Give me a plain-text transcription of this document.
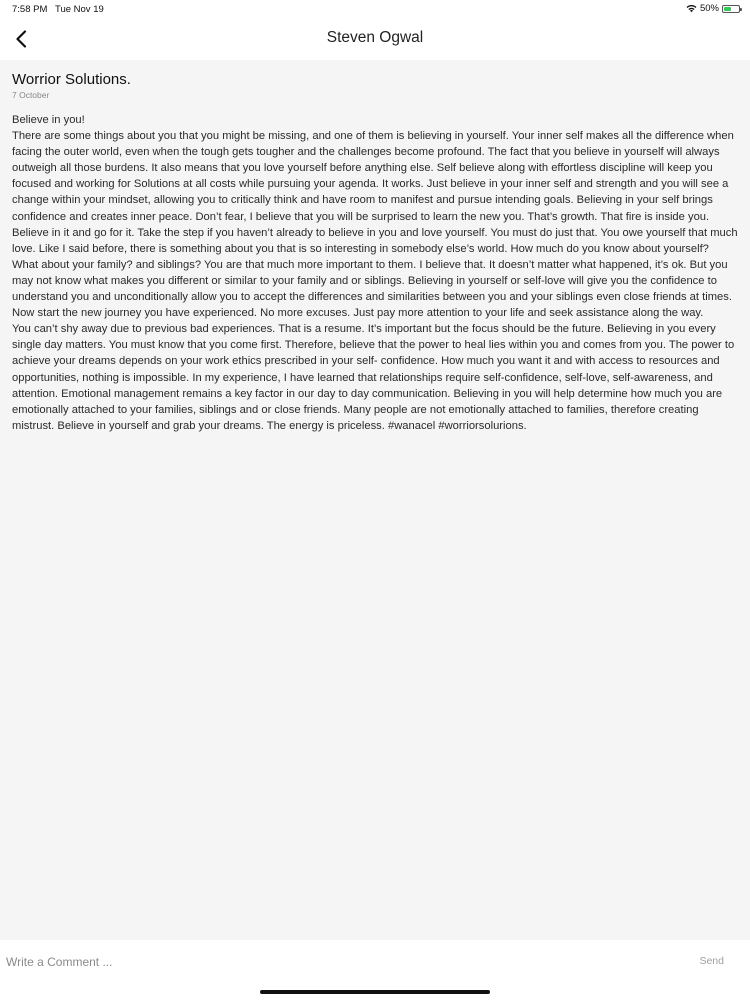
7:58 PM Tue Nov 19	50%
Steven Ogwal
Worrior Solutions.
7 October

Believe in you!

There are some things about you that you might be missing, and one of them is believing in yourself. Your inner self makes all the difference when facing the outer world, even when the tough gets tougher and the challenges become profound. The fact that you believe in yourself will always outweigh all those burdens. It also means that you love yourself before anything else. Self believe along with effortless discipline will keep you focused and working for Solutions at all costs while pursuing your agenda. It works. Just believe in your inner self and strength and you will see a change within your mindset, allowing you to critically think and have room to manifest and pursue intending goals. Believing in your self brings confidence and creates inner peace. Don’t fear, I believe that you will be surprised to learn the new you. That’s growth. That fire is inside you. Believe in it and go for it. Take the step if you haven’t already to believe in you and love yourself. You must do just that. You owe yourself that much love. Like I said before, there is something about you that is so interesting in somebody else’s world. How much do you know about yourself? What about your family? and siblings? You are that much more important to them. I believe that. It doesn’t matter what happened, it’s ok. But you may not know what makes you different or similar to your family and or siblings. Believing in yourself or self-love will give you the confidence to understand you and unconditionally allow you to accept the differences and similarities between you and your siblings even close friends at times. Now start the new journey you have experienced. No more excuses. Just pay more attention to your life and seek assistance along the way.

You can’t shy away due to previous bad experiences. That is a resume. It’s important but the focus should be the future. Believing in you every single day matters. You must know that you come first. Therefore, believe that the power to heal lies within you and comes from you. The power to achieve your dreams depends on your work ethics prescribed in your self- confidence. How much you want it and with access to resources and opportunities, nothing is impossible. In my experience, I have learned that relationships require self-confidence, self-love, self-awareness, and attention. Emotional management remains a key factor in our day to day communication. Believing in you will help determine how much you are emotionally attached to your families, siblings and or close friends. Many people are not emotionally attached to families, therefore creating mistrust. Believe in yourself and grab your dreams. The energy is priceless. #wanacel #worriorsolurions.

Write a Comment ...
Send
